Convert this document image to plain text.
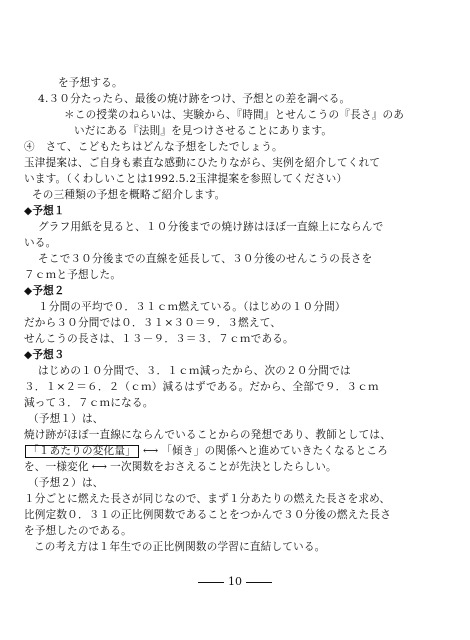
を予想する。
4.３０分たったら、最後の焼け跡をつけ、予想との差を調べる。
＊この授業のねらいは、実験から、『時間』とせんこうの『長さ』のあ
いだにある『法則』を見つけさせることにあります。
④　さて、こどもたちはどんな予想をしたでしょう。
玉津提案は、ご自身も素直な感動にひたりながら、実例を紹介してくれて
います。（くわしいことは1992.5.2玉津提案を参照してください）
その三種類の予想を概略ご紹介します。
◆予想１
グラフ用紙を見ると、１０分後までの焼け跡はほぼ一直線上にならんで
いる。
そこで３０分後までの直線を延長して、３０分後のせんこうの長さを
７ｃｍと予想した。
◆予想２
１分間の平均で０．３１ｃｍ燃えている。（はじめの１０分間）
だから３０分間では０．３１×３０＝９．３燃えて、
せんこうの長さは、１３－９．３＝３．７ｃｍである。
◆予想３
はじめの１０分間で、３．１ｃｍ減ったから、次の２０分間では
３．１×２＝６．２（ｃｍ）減るはずである。だから、全部で９．３ｃｍ
減って３．７ｃｍになる。
（予想１）は、
焼け跡がほぼ一直線にならんでいることからの発想であり、教師としては、
「１あたりの変化量」 ⟷ 「傾き」の関係へと進めていきたくなるところ
を、一様変化 ⟷ 一次関数をおさえることが先決としたらしい。
（予想２）は、
１分ごとに燃えた長さが同じなので、まず１分あたりの燃えた長さを求め、
比例定数０．３１の正比例関数であることをつかんで３０分後の燃えた長さ
を予想したのである。
この考え方は１年生での正比例関数の学習に直結している。
10
